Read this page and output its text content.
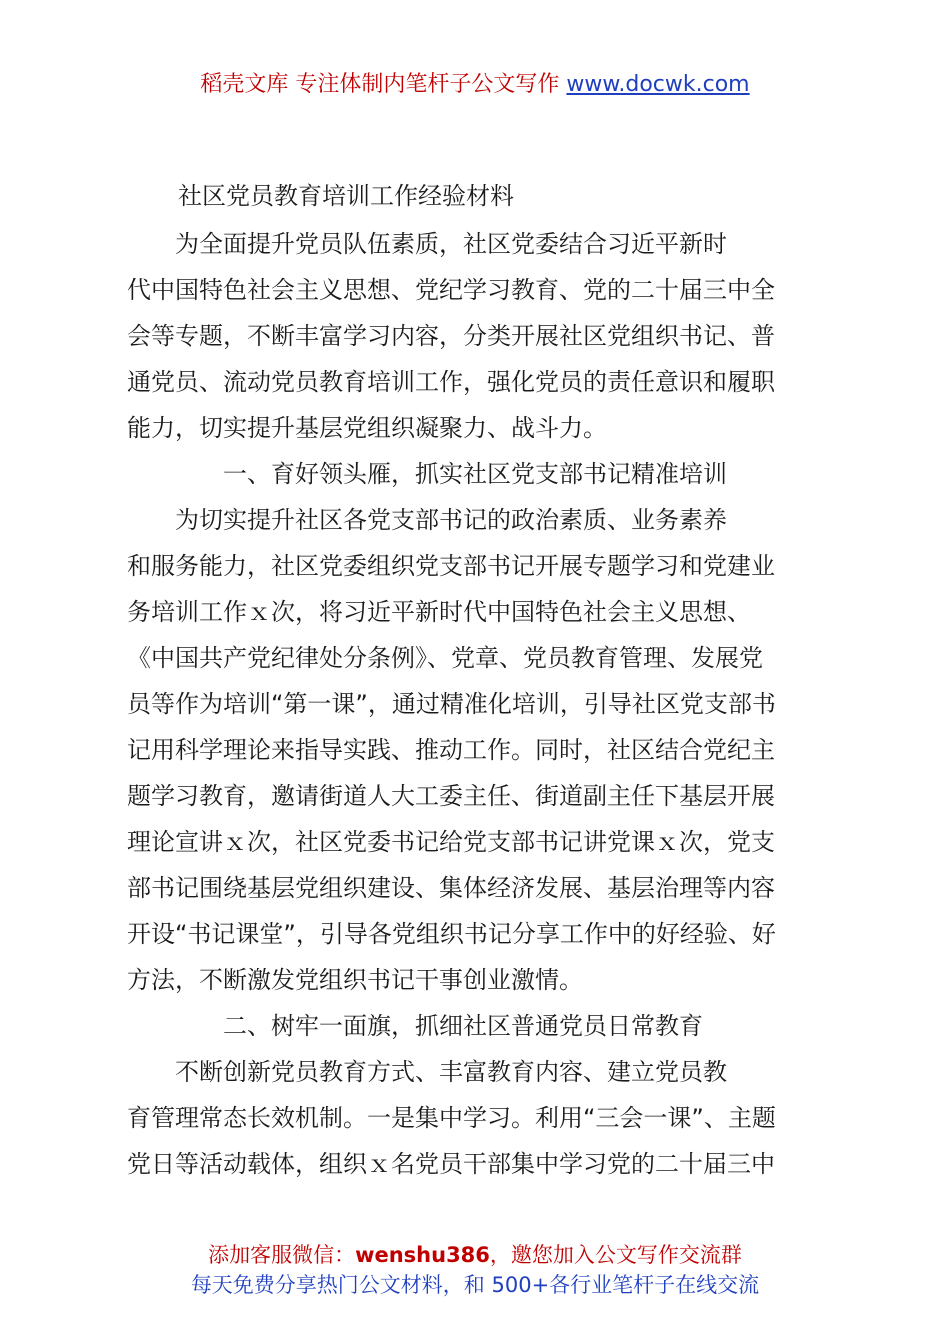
稻壳文库 专注体制内笔杆子公文写作 www.docwk.com
社区党员教育培训工作经验材料

为全面提升党员队伍素质，社区党委结合习近平新时
代中国特色社会主义思想、党纪学习教育、党的二十届三中全
会等专题，不断丰富学习内容，分类开展社区党组织书记、普
通党员、流动党员教育培训工作，强化党员的责任意识和履职
能力，切实提升基层党组织凝聚力、战斗力。

一、育好领头雁，抓实社区党支部书记精准培训

为切实提升社区各党支部书记的政治素质、业务素养
和服务能力，社区党委组织党支部书记开展专题学习和党建业
务培训工作ｘ次，将习近平新时代中国特色社会主义思想、
《中国共产党纪律处分条例》、党章、党员教育管理、发展党
员等作为培训“第一课”，通过精准化培训，引导社区党支部书
记用科学理论来指导实践、推动工作。同时，社区结合党纪主
题学习教育，邀请街道人大工委主任、街道副主任下基层开展
理论宣讲ｘ次，社区党委书记给党支部书记讲党课ｘ次，党支
部书记围绕基层党组织建设、集体经济发展、基层治理等内容
开设“书记课堂”，引导各党组织书记分享工作中的好经验、好
方法，不断激发党组织书记干事创业激情。

二、树牢一面旗，抓细社区普通党员日常教育

不断创新党员教育方式、丰富教育内容、建立党员教
育管理常态长效机制。一是集中学习。利用“三会一课”、主题
党日等活动载体，组织ｘ名党员干部集中学习党的二十届三中

添加客服微信：wenshu386，邀您加入公文写作交流群
每天免费分享热门公文材料，和 500+各行业笔杆子在线交流
